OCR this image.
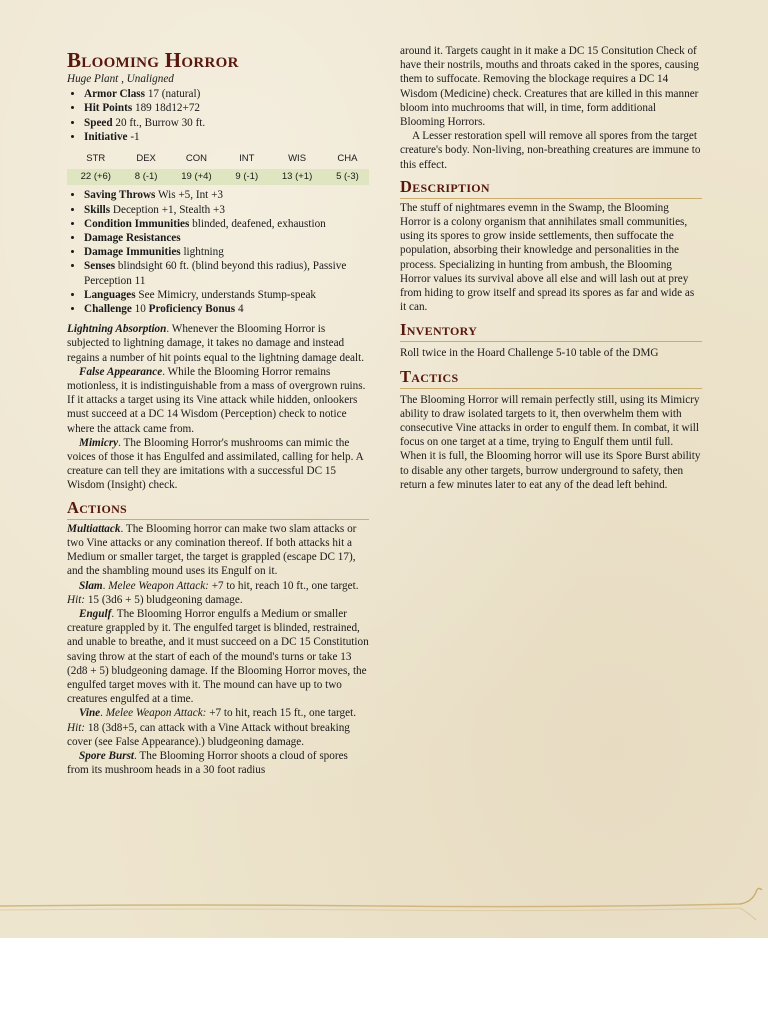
Blooming Horror
Huge Plant , Unaligned
• Armor Class 17 (natural)
• Hit Points 189 18d12+72
• Speed 20 ft., Burrow 30 ft.
• Initiative -1
STR	DEX	CON	INT	WIS	CHA
22 (+6)	8 (-1)	19 (+4)	9 (-1)	13 (+1)	5 (-3)
• Saving Throws Wis +5, Int +3
• Skills Deception +1, Stealth +3
• Condition Immunities blinded, deafened, exhaustion
• Damage Resistances
• Damage Immunities lightning
• Senses blindsight 60 ft. (blind beyond this radius), Passive Perception 11
• Languages See Mimicry, understands Stump-speak
• Challenge 10 Proficiency Bonus 4

Lightning Absorption. Whenever the Blooming Horror is subjected to lightning damage, it takes no damage and instead regains a number of hit points equal to the lightning damage dealt.

False Appearance. While the Blooming Horror remains motionless, it is indistinguishable from a mass of overgrown ruins. If it attacks a target using its Vine attack while hidden, onlookers must succeed at a DC 14 Wisdom (Perception) check to notice where the attack came from.

Mimicry. The Blooming Horror's mushrooms can mimic the voices of those it has Engulfed and assimilated, calling for help. A creature can tell they are imitations with a successful DC 15 Wisdom (Insight) check.

Actions

Multiattack. The Blooming horror can make two slam attacks or two Vine attacks or any comination thereof. If both attacks hit a Medium or smaller target, the target is grappled (escape DC 17), and the shambling mound uses its Engulf on it.

Slam. Melee Weapon Attack: +7 to hit, reach 10 ft., one target. Hit: 15 (3d6 + 5) bludgeoning damage.

Engulf. The Blooming Horror engulfs a Medium or smaller creature grappled by it. The engulfed target is blinded, restrained, and unable to breathe, and it must succeed on a DC 15 Constitution saving throw at the start of each of the mound's turns or take 13 (2d8 + 5) bludgeoning damage. If the Blooming Horror moves, the engulfed target moves with it. The mound can have up to two creatures engulfed at a time.

Vine. Melee Weapon Attack: +7 to hit, reach 15 ft., one target. Hit: 18 (3d8+5, can attack with a Vine Attack without breaking cover (see False Appearance).) bludgeoning damage.

Spore Burst. The Blooming Horror shoots a cloud of spores from its mushroom heads in a 30 foot radius

around it. Targets caught in it make a DC 15 Consitution Check of have their nostrils, mouths and throats caked in the spores, causing them to suffocate. Removing the blockage requires a DC 14 Wisdom (Medicine) check. Creatures that are killed in this manner bloom into muchrooms that will, in time, form additional Blooming Horrors.

A Lesser restoration spell will remove all spores from the target creature's body. Non-living, non-breathing creatures are immune to this effect.

Description

The stuff of nightmares evemn in the Swamp, the Blooming Horror is a colony organism that annihilates small communities, using its spores to grow inside settlements, then suffocate the population, absorbing their knowledge and personalities in the process. Specializing in hunting from ambush, the Blooming Horror values its survival above all else and will lash out at prey from hiding to grow itself and spread its spores as far and wide as it can.

Inventory

Roll twice in the Hoard Challenge 5-10 table of the DMG

Tactics

The Blooming Horror will remain perfectly still, using its Mimicry ability to draw isolated targets to it, then overwhelm them with consecutive Vine attacks in order to engulf them. In combat, it will focus on one target at a time, trying to Engulf them until full. When it is full, the Blooming horror will use its Spore Burst ability to disable any other targets, burrow underground to safety, then return a few minutes later to eat any of the dead left behind.
